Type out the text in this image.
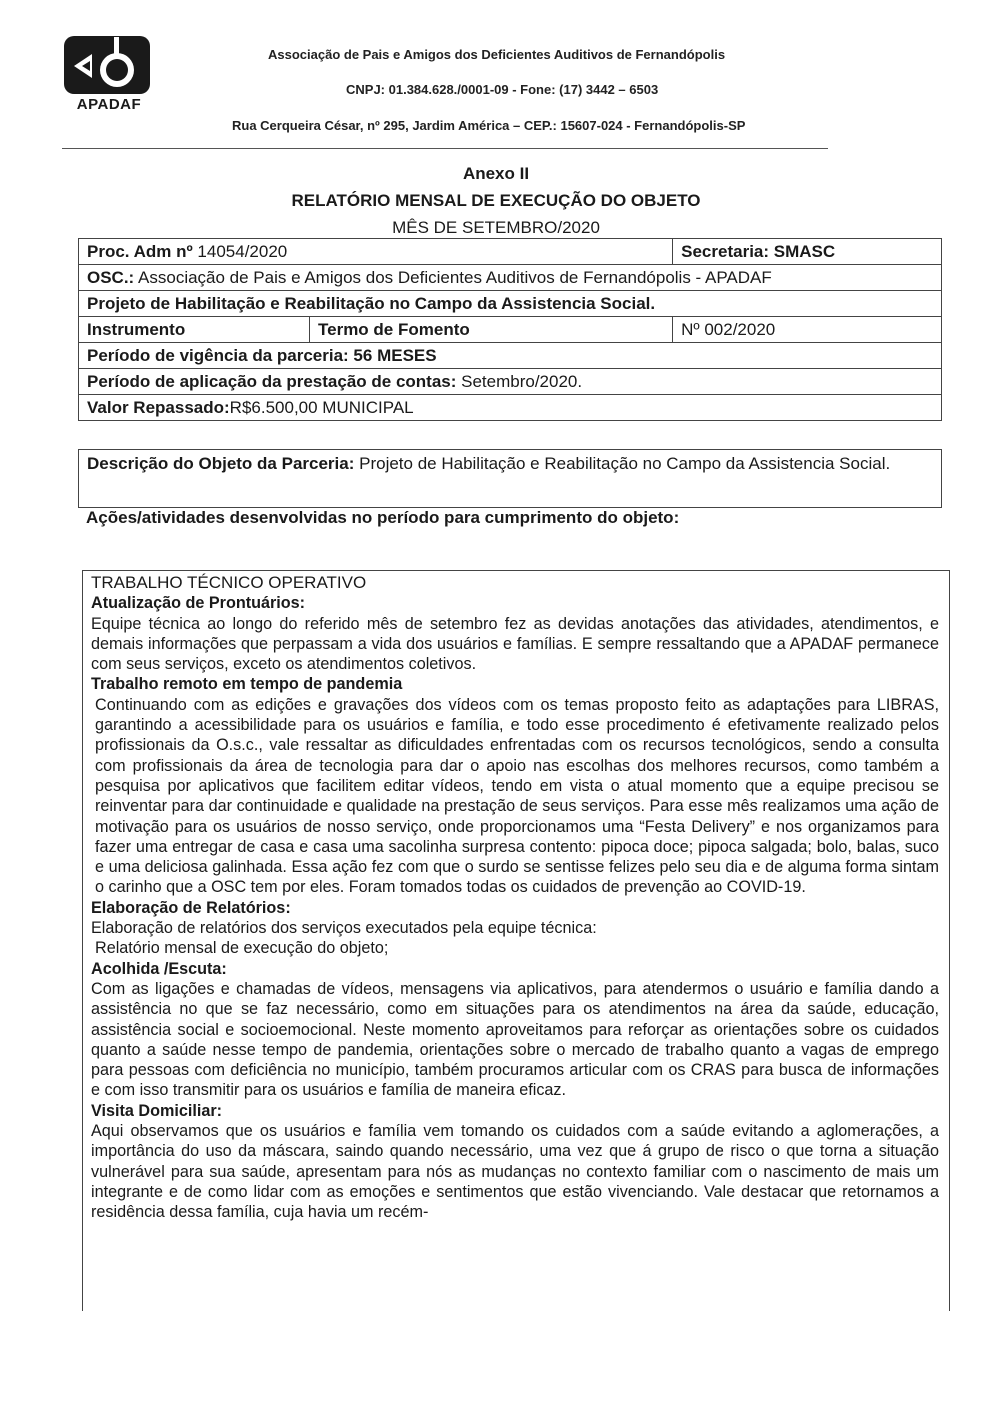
APADAF
Associação de Pais e Amigos dos Deficientes Auditivos de Fernandópolis
CNPJ: 01.384.628./0001-09 - Fone: (17) 3442 – 6503
Rua Cerqueira César, nº 295, Jardim América – CEP.: 15607-024 - Fernandópolis-SP
Anexo II
RELATÓRIO MENSAL DE EXECUÇÃO DO OBJETO
MÊS DE SETEMBRO/2020
Proc. Adm nº 14054/2020		Secretaria: SMASC
OSC.: Associação de Pais e Amigos dos Deficientes Auditivos de Fernandópolis - APADAF		
Projeto de Habilitação e Reabilitação no Campo da Assistencia Social.		
Instrumento	Termo de Fomento	Nº 002/2020
Período de vigência da parceria: 56 MESES		
Período de aplicação da prestação de contas: Setembro/2020.		
Valor Repassado:R$6.500,00 MUNICIPAL		
Descrição do Objeto da Parceria: Projeto de Habilitação e Reabilitação no Campo da Assistencia Social.
Ações/atividades desenvolvidas no período para cumprimento do objeto:

TRABALHO TÉCNICO OPERATIVO

Atualização de Prontuários:

Equipe técnica ao longo do referido mês de setembro fez as devidas anotações das atividades, atendimentos, e demais informações que perpassam a vida dos usuários e famílias. E sempre ressaltando que a APADAF permanece com seus serviços, exceto os atendimentos coletivos.

Trabalho remoto em tempo de pandemia

Continuando com as edições e gravações dos vídeos com os temas proposto feito as adaptações para LIBRAS, garantindo a acessibilidade para os usuários e família, e todo esse procedimento é efetivamente realizado pelos profissionais da O.s.c., vale ressaltar as dificuldades enfrentadas com os recursos tecnológicos, sendo a consulta com profissionais da área de tecnologia para dar o apoio nas escolhas dos melhores recursos, como também a pesquisa por aplicativos que facilitem editar vídeos, tendo em vista o atual momento que a equipe precisou se reinventar para dar continuidade e qualidade na prestação de seus serviços. Para esse mês realizamos uma ação de motivação para os usuários de nosso serviço, onde proporcionamos uma “Festa Delivery” e nos organizamos para fazer uma entregar de casa e casa uma sacolinha surpresa contento: pipoca doce; pipoca salgada; bolo, balas, suco e uma deliciosa galinhada. Essa ação fez com que o surdo se sentisse felizes pelo seu dia e de alguma forma sintam o carinho que a OSC tem por eles. Foram tomados todas os cuidados de prevenção ao COVID-19.

Elaboração de Relatórios:

Elaboração de relatórios dos serviços executados pela equipe técnica:

Relatório mensal de execução do objeto;

Acolhida /Escuta:

Com as ligações e chamadas de vídeos, mensagens via aplicativos, para atendermos o usuário e família dando a assistência no que se faz necessário, como em situações para os atendimentos na área da saúde, educação, assistência social e socioemocional. Neste momento aproveitamos para reforçar as orientações sobre os cuidados quanto a saúde nesse tempo de pandemia, orientações sobre o mercado de trabalho quanto a vagas de emprego para pessoas com deficiência no município, também procuramos articular com os CRAS para busca de informações e com isso transmitir para os usuários e família de maneira eficaz.

Visita Domiciliar:

Aqui observamos que os usuários e família vem tomando os cuidados com a saúde evitando a aglomerações, a importância do uso da máscara, saindo quando necessário, uma vez que á grupo de risco o que torna a situação vulnerável para sua saúde, apresentam para nós as mudanças no contexto familiar com o nascimento de mais um integrante e de como lidar com as emoções e sentimentos que estão vivenciando. Vale destacar que retornamos a residência dessa família, cuja havia um recém-
